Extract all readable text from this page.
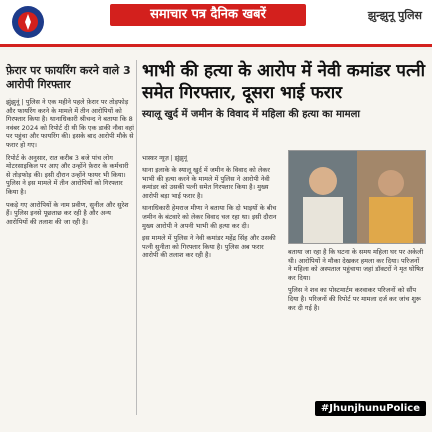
समाचार पत्र दैनिक खबरें	झुन्झुनू पुलिस
फ़ेरार पर फायरिंग करने वाले 3 आरोपी गिरफ्तार

झुंझुनूं | पुलिस ने एक महीने पहले फ़ेरार पर तोड़फोड़ और फायरिंग करने के मामले में तीन आरोपियों को गिरफ्तार किया है। थानाधिकारी श्रीचन्द ने बताया कि 8 नवंबर 2024 को रिपोर्ट दी थी कि एक डाकी नौवा वहां पर पहुंचा और फायरिंग की। इसके बाद आरोपी मौके से फरार हो गए।

रिपोर्ट के अनुसार, रात करीब 3 बजे पांच लोग मोटरसाइकिल पर आए और उन्होंने फ़ेरार के कर्मचारी से तोड़फोड़ की। इसी दौरान उन्होंने फायर भी किया। पुलिस ने इस मामले में तीन आरोपियों को गिरफ्तार किया है।

पकड़े गए आरोपियों के नाम प्रवीण, सुनील और सुरेश हैं। पुलिस इनसे पूछताछ कर रही है और अन्य आरोपियों की तलाश की जा रही है।

भाभी की हत्या के आरोप में नेवी कमांडर पत्नी समेत गिरफ्तार, दूसरा भाई फरार
स्यालू खुर्द में जमीन के विवाद में महिला की हत्या का मामला
भास्कर न्यूज़ | झुंझुनूं

थाना इलाके के स्यालू खुर्द में जमीन के विवाद को लेकर भाभी की हत्या करने के मामले में पुलिस ने आरोपी नेवी कमांडर को उसकी पत्नी समेत गिरफ्तार किया है। मुख्य आरोपी बड़ा भाई फरार है।

थानाधिकारी हेमराज मीणा ने बताया कि दो भाइयों के बीच जमीन के बंटवारे को लेकर विवाद चल रहा था। इसी दौरान मुख्य आरोपी ने अपनी भाभी की हत्या कर दी।

इस मामले में पुलिस ने नेवी कमांडर महेंद्र सिंह और उसकी पत्नी सुनीता को गिरफ्तार किया है। पुलिस अब फरार आरोपी की तलाश कर रही है।	बताया जा रहा है कि घटना के समय महिला घर पर अकेली थी। आरोपियों ने मौका देखकर हमला कर दिया। परिजनों ने महिला को अस्पताल पहुंचाया जहां डॉक्टरों ने मृत घोषित कर दिया।

पुलिस ने शव का पोस्टमार्टम करवाकर परिजनों को सौंप दिया है। परिजनों की रिपोर्ट पर मामला दर्ज कर जांच शुरू कर दी गई है।

#JhunjhunuPolice
